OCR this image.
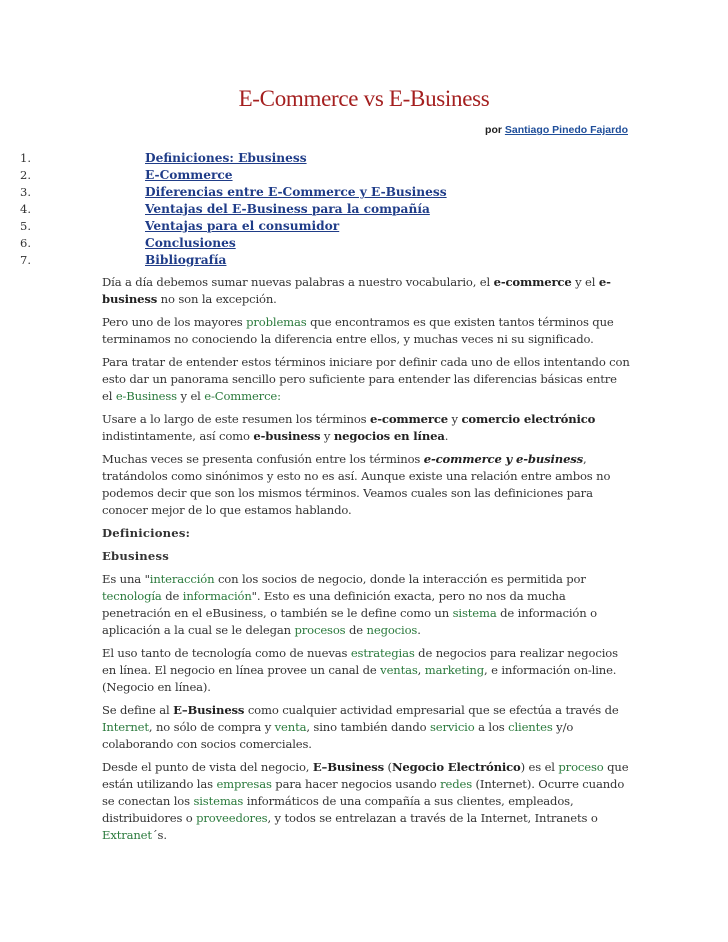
E-Commerce vs E-Business
por Santiago Pinedo Fajardo
1.	Definiciones: Ebusiness
2.	E-Commerce
3.	Diferencias entre E-Commerce y E-Business
4.	Ventajas del E-Business para la compañía
5.	Ventajas para el consumidor
6.	Conclusiones
7.	Bibliografía

Día a día debemos sumar nuevas palabras a nuestro vocabulario, el e-commerce y el e-business no son la excepción.

Pero uno de los mayores problemas que encontramos es que existen tantos términos que terminamos no conociendo la diferencia entre ellos, y muchas veces ni su significado.

Para tratar de entender estos términos iniciare por definir cada uno de ellos intentando con esto dar un panorama sencillo pero suficiente para entender las diferencias básicas entre el e-Business y el e-Commerce:

Usare a lo largo de este resumen los términos e-commerce y comercio electrónico indistintamente, así como e-business y negocios en línea.

Muchas veces se presenta confusión entre los términos e-commerce y e-business, tratándolos como sinónimos y esto no es así. Aunque existe una relación entre ambos no podemos decir que son los mismos términos. Veamos cuales son las definiciones para conocer mejor de lo que estamos hablando.

Definiciones:

Ebusiness

Es una "interacción con los socios de negocio, donde la interacción es permitida por tecnología de información". Esto es una definición exacta, pero no nos da mucha penetración en el eBusiness, o también se le define como un sistema de información o aplicación a la cual se le delegan procesos de negocios.

El uso tanto de tecnología como de nuevas estrategias de negocios para realizar negocios en línea. El negocio en línea provee un canal de ventas, marketing, e información on-line. (Negocio en línea).

Se define al E–Business como cualquier actividad empresarial que se efectúa a través de Internet, no sólo de compra y venta, sino también dando servicio a los clientes y/o colaborando con socios comerciales.

Desde el punto de vista del negocio, E–Business (Negocio Electrónico) es el proceso que están utilizando las empresas para hacer negocios usando redes (Internet). Ocurre cuando se conectan los sistemas informáticos de una compañía a sus clientes, empleados, distribuidores o proveedores, y todos se entrelazan a través de la Internet, Intranets o Extranet´s.
